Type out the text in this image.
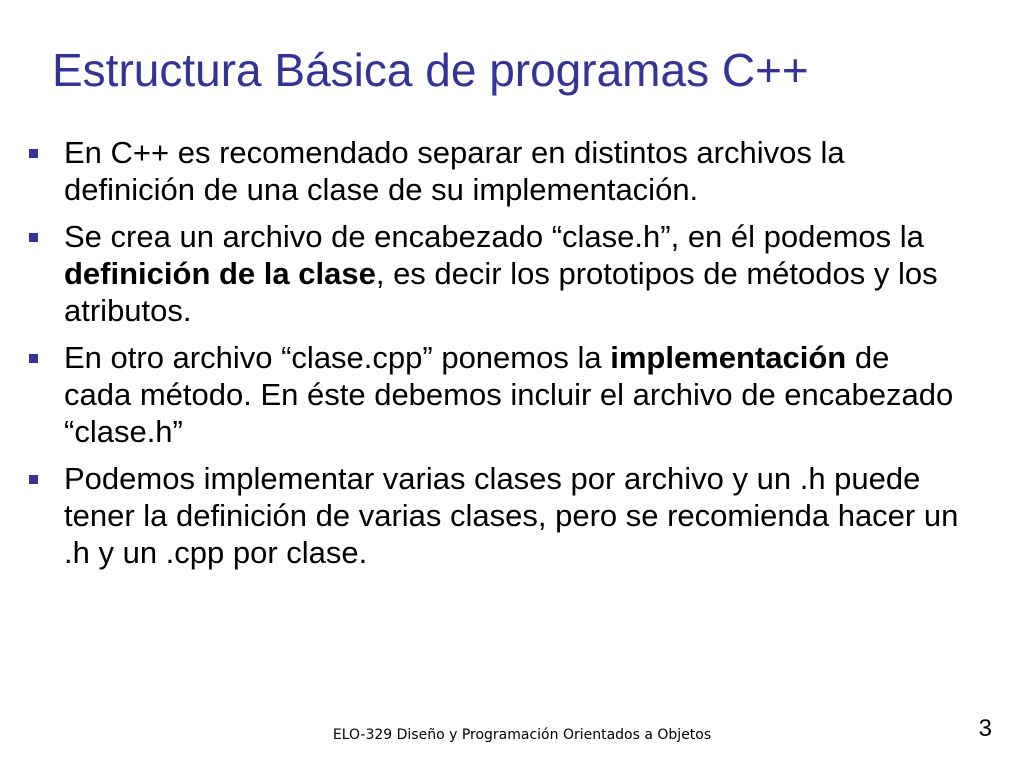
Estructura Básica de programas C++
En C++ es recomendado separar en distintos archivos la definición de una clase de su implementación.
Se crea un archivo de encabezado “clase.h”, en él podemos la definición de la clase, es decir los prototipos de métodos y los atributos.
En otro archivo “clase.cpp” ponemos la implementación de cada método. En éste debemos incluir el archivo de encabezado “clase.h”
Podemos implementar varias clases por archivo y un .h puede tener la definición de varias clases, pero se recomienda hacer un .h y un .cpp por clase.
ELO-329 Diseño y Programación Orientados a Objetos	3
